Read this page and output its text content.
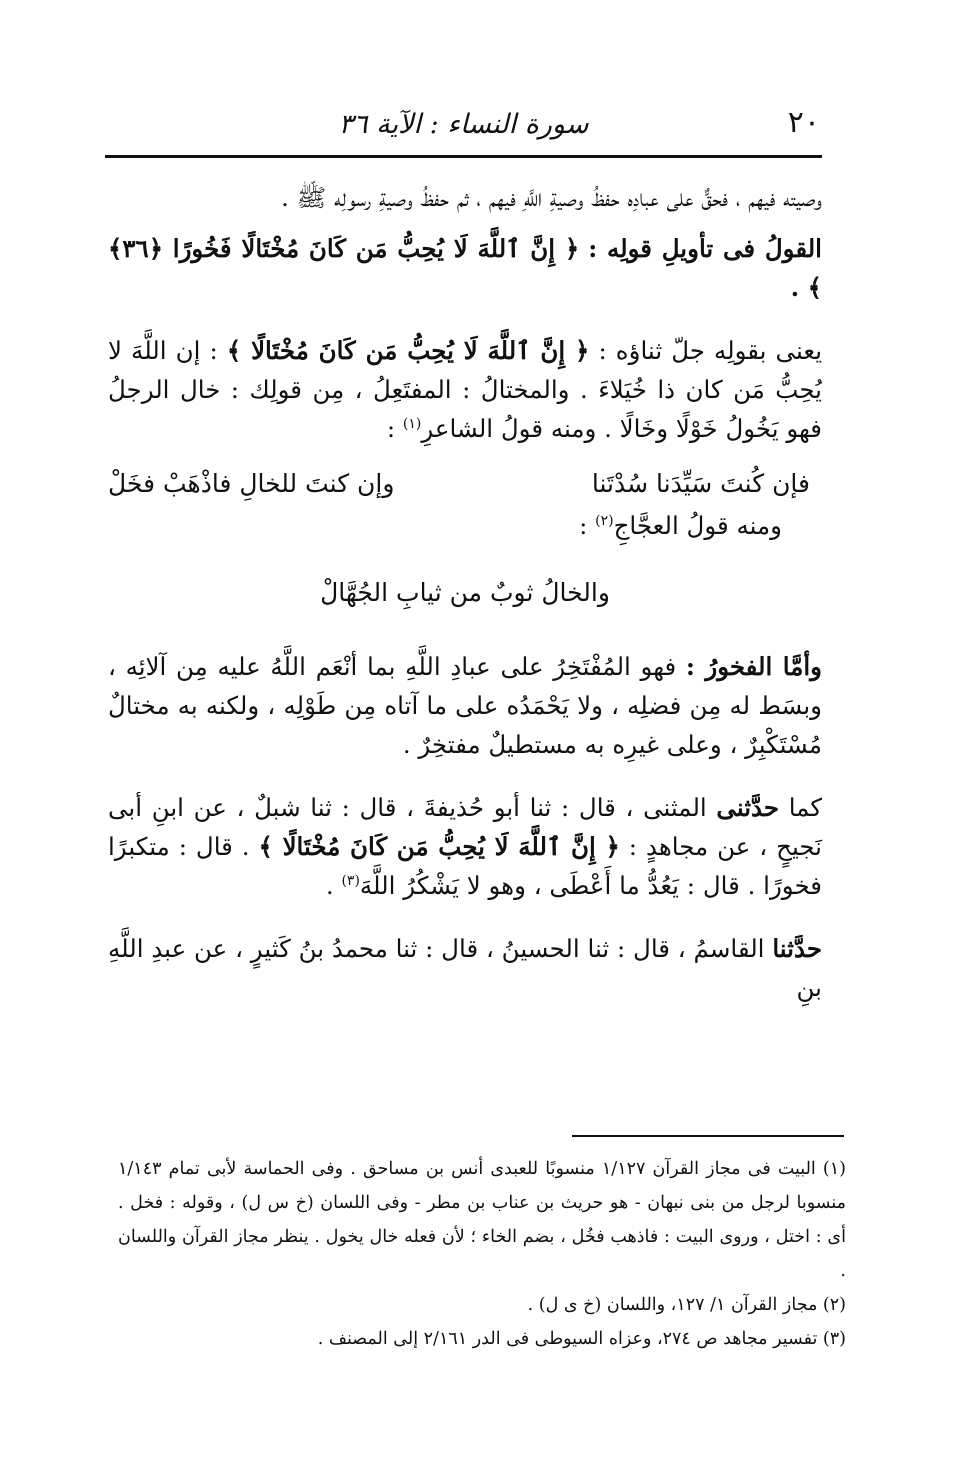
٢٠
سورة النساء : الآية ٣٦

وصيته فيهم ، فحقٌّ على عبادِه حفظُ وصيةِ اللَّهِ فيهم ، ثم حفظُ وصيةِ رسولِه ﷺ .

القولُ فى تأويلِ قولِه : ﴿ إِنَّ ٱللَّهَ لَا يُحِبُّ مَن كَانَ مُخْتَالًا فَخُورًا ﴿٣٦﴾ ﴾ .

يعنى بقولِه جلّ ثناؤه : ﴿ إِنَّ ٱللَّهَ لَا يُحِبُّ مَن كَانَ مُخْتَالًا ﴾ : إن اللَّهَ لا يُحِبُّ مَن كان ذا خُيَلاءَ . والمختالُ : المفتَعِلُ ، مِن قولِك : خال الرجلُ فهو يَخُولُ خَوْلًا وخَالًا . ومنه قولُ الشاعرِ$^{(١)}$ :

فإن كُنتَ سَيِّدَنا سُدْتَنا
وإن كنتَ للخالِ فاذْهَبْ فخَلْ

ومنه قولُ العجَّاجِ$^{(٢)}$ :

والخالُ ثوبٌ من ثيابِ الجُهَّالْ

وأمَّا الفخورُ : فهو المُفْتَخِرُ على عبادِ اللَّهِ بما أنْعَم اللَّهُ عليه مِن آلائِه ، وبسَط له مِن فضلِه ، ولا يَحْمَدُه على ما آتاه مِن طَوْلِه ، ولكنه به مختالٌ مُسْتَكْبِرٌ ، وعلى غيرِه به مستطيلٌ مفتخِرٌ .

كما حدَّثنى المثنى ، قال : ثنا أبو حُذيفةَ ، قال : ثنا شبلٌ ، عن ابنِ أبى نَجيحٍ ، عن مجاهدٍ : ﴿ إِنَّ ٱللَّهَ لَا يُحِبُّ مَن كَانَ مُخْتَالًا ﴾ . قال : متكبرًا فخورًا . قال : يَعُدُّ ما أَعْطَى ، وهو لا يَشْكُرُ اللَّهَ$^{(٣)}$ .

حدَّثنا القاسمُ ، قال : ثنا الحسينُ ، قال : ثنا محمدُ بنُ كَثيرٍ ، عن عبدِ اللَّهِ بنِ

(١) البيت فى مجاز القرآن ١/١٢٧ منسوبًا للعبدى أنس بن مساحق . وفى الحماسة لأبى تمام ١/١٤٣ منسوبا لرجل من بنى نبهان - هو حريث بن عناب بن مطر - وفى اللسان (خ س ل) ، وقوله : فخل . أى : اختل ، وروى البيت : فاذهب فخُل ، بضم الخاء ؛ لأن فعله خال يخول . ينظر مجاز القرآن واللسان .
(٢) مجاز القرآن ١/ ١٢٧، واللسان (خ ى ل) .
(٣) تفسير مجاهد ص ٢٧٤، وعزاه السيوطى فى الدر ٢/١٦١ إلى المصنف .
